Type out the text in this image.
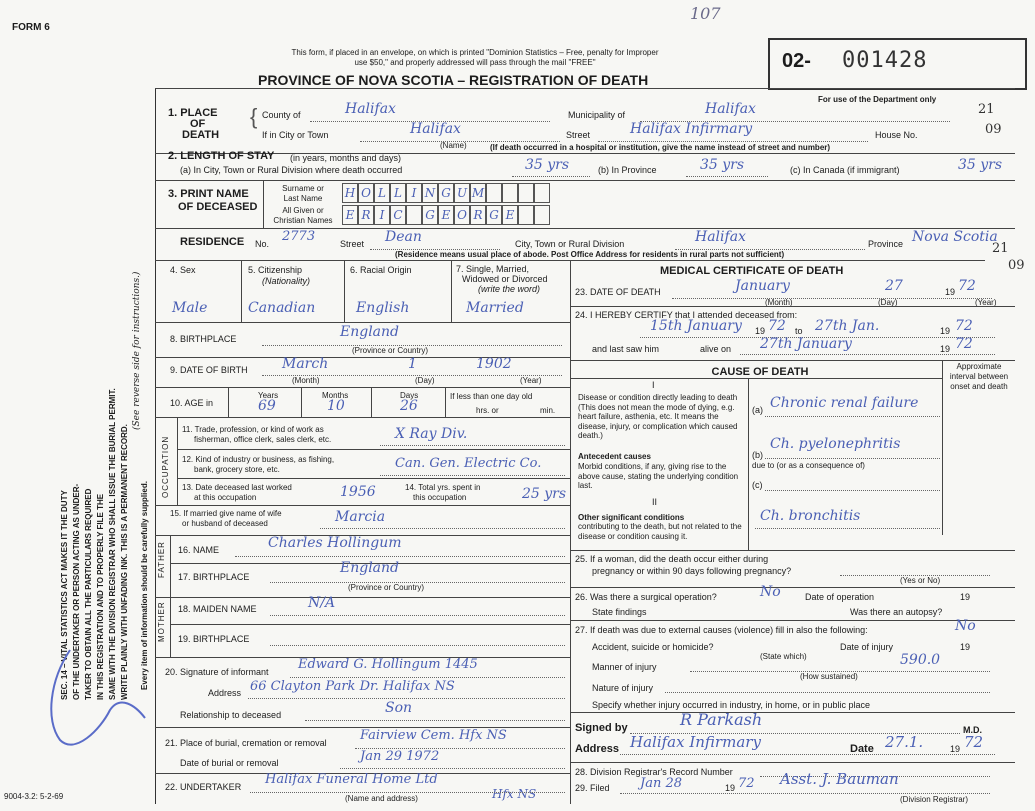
FORM 6
9004-3.2: 5-2-69
107
This form, if placed in an envelope, on which is printed "Dominion Statistics – Free, penalty for Improper
use $50," and properly addressed will pass through the mail "FREE"
PROVINCE OF NOVA SCOTIA – REGISTRATION OF DEATH
02- 001428
For use of the Department only
SEC. 14 – VITAL STATISTICS ACT MAKES IT THE DUTY OF THE UNDERTAKER OR PERSON ACTING AS UNDER- TAKER TO OBTAIN ALL THE PARTICULARS REQUIRED IN THIS REGISTRATION AND TO PROPERLY FILE THE SAME WITH THE DIVISION REGISTRAR WHO SHALL ISSUE THE BURIAL PERMIT. WRITE PLAINLY WITH UNFADING INK. THIS IS A PERMANENT RECORD.
(See reverse side for instructions.)
Every item of information should be carefully supplied.
1. PLACE
OF
DEATH
{ County of	Halifax	Municipality of	Halifax	21
If in City or Town	Halifax
(Name)
Street	Halifax Infirmary	House No.	09
(If death occurred in a hospital or institution, give the name instead of street and number)
2. LENGTH OF STAY (in years, months and days)
(a) In City, Town or Rural Division where death occurred	35 yrs	(b) In Province	35 yrs	(c) In Canada (if immigrant)	35 yrs
3. PRINT NAME
OF DECEASED
Surname or
Last Name
All Given or
Christian Names
H O L L I N G U M
E R I C G E O R G E
RESIDENCE No. 2773	Street Dean	City, Town or Rural Division	Halifax	Province Nova Scotia
21
09
(Residence means usual place of abode. Post Office Address for residents in rural parts not sufficient)
4. Sex	5. Citizenship
(Nationality)
6. Racial Origin	7. Single, Married,
Widowed or Divorced
(write the word)
Male	Canadian	English	Married
8. BIRTHPLACE	England
(Province or Country)
9. DATE OF BIRTH March	1	1902
(Month)	(Day)	(Year)
10. AGE in
Years
69
Months
10
Days
26
If less than one day old
hrs. or	min.
OCCUPATION
11. Trade, profession, or kind of work as
fisherman, office clerk, sales clerk, etc.	X Ray Div.
12. Kind of industry or business, as fishing,
bank, grocery store, etc.	Can. Gen. Electric Co.
13. Date deceased last worked
at this occupation	1956	14. Total yrs. spent in
this occupation	25 yrs
15. If married give name of wife
or husband of deceased	Marcia
FATHER 16. NAME	Charles Hollingum
17. BIRTHPLACE
England
(Province or Country)
MOTHER 18. MAIDEN NAME	N/A
19. BIRTHPLACE
20. Signature of informant Edward G. Hollingum 1445
Address 66 Clayton Park Dr. Halifax NS
Relationship to deceased	Son
21. Place of burial, cremation or removal	Fairview Cem. Hfx NS
Date of burial or removal	Jan 29 1972
22. UNDERTAKER Halifax Funeral Home Ltd
Hfx NS
(Name and address)
MEDICAL CERTIFICATE OF DEATH
23. DATE OF DEATH	January	27	19 72
(Month)	(Day)	(Year)
24. I HEREBY CERTIFY that I attended deceased from:
15th January 19 72 to 27th Jan.	19 72
and last saw him	alive on 27th January	19 72
CAUSE OF DEATH	Approximate interval between onset and death
I
Disease or condition directly leading to death (This does not mean the mode of dying, e.g. heart failure, asthenia, etc. It means the disease, injury, or complication which caused death.)
(a) Chronic renal failure
Antecedent causes
Morbid conditions, if any, giving rise to the above cause, stating the underlying condition last.
(b)
Ch. pyelonephritis
due to (or as a consequence of)
(c)
II
Other significant conditions
contributing to the death, but not related to the disease or condition causing it.
Ch. bronchitis
25. If a woman, did the death occur either during
pregnancy or within 90 days following pregnancy?
(Yes or No)
26. Was there a surgical operation?	No	Date of operation	19
State findings	Was there an autopsy?
27. If death was due to external causes (violence) fill in also the following:	No
Accident, suicide or homicide?
(State which)
Date of injury	19
Manner of injury	590.0
(How sustained)
Nature of injury
Specify whether injury occurred in industry, in home, or in public place
Signed by	R Parkash
M.D.
Address Halifax Infirmary	Date 27.1.	19 72
28. Division Registrar's Record Number
29. Filed Jan 28	19 72 Asst. J. Bauman
(Division Registrar)
